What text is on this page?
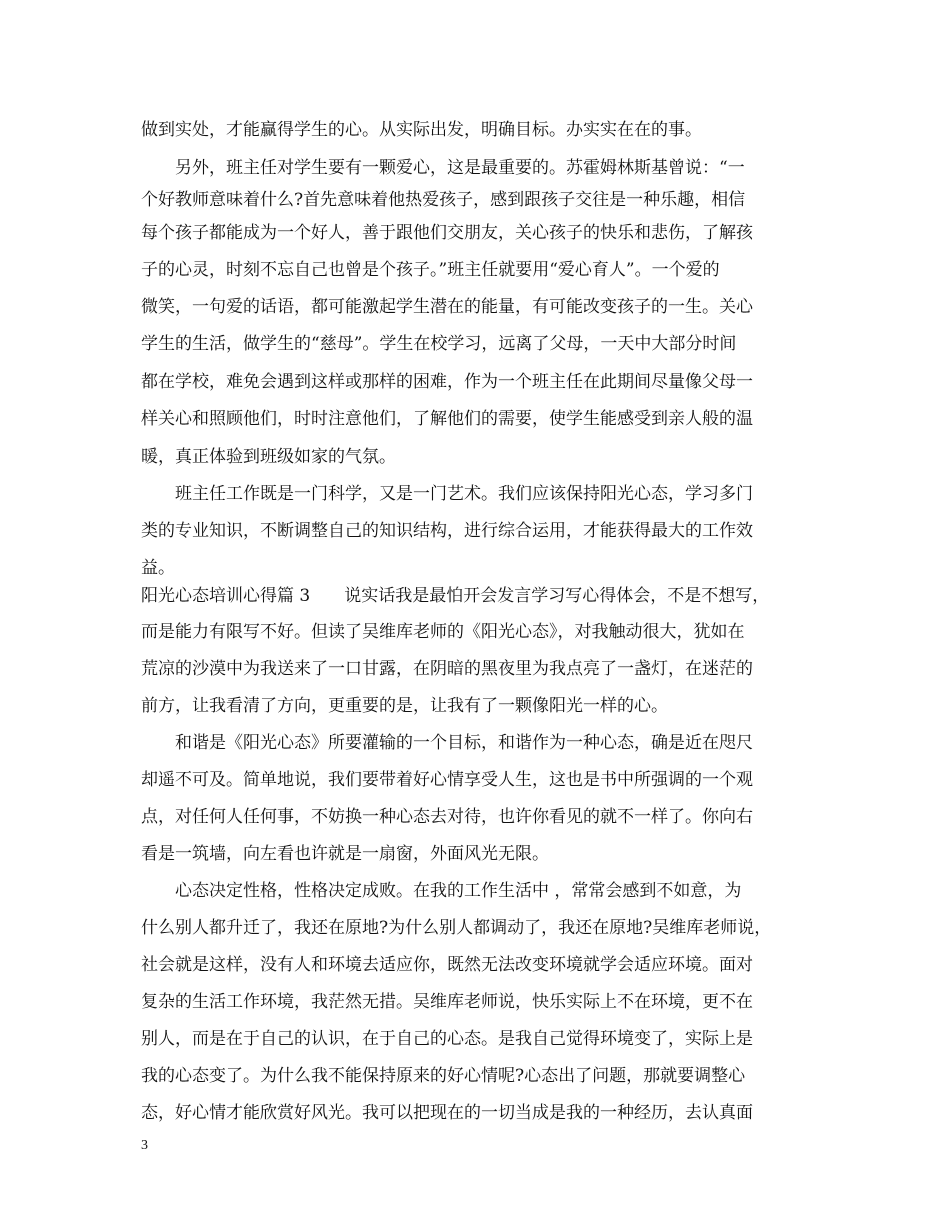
做到实处，才能赢得学生的心。从实际出发，明确目标。办实实在在的事。
　　另外，班主任对学生要有一颗爱心，这是最重要的。苏霍姆林斯基曾说：“一
个好教师意味着什么?首先意味着他热爱孩子，感到跟孩子交往是一种乐趣，相信
每个孩子都能成为一个好人，善于跟他们交朋友，关心孩子的快乐和悲伤，了解孩
子的心灵，时刻不忘自己也曾是个孩子。”班主任就要用“爱心育人”。一个爱的
微笑，一句爱的话语，都可能激起学生潜在的能量，有可能改变孩子的一生。关心
学生的生活，做学生的“慈母”。学生在校学习，远离了父母，一天中大部分时间
都在学校，难免会遇到这样或那样的困难，作为一个班主任在此期间尽量像父母一
样关心和照顾他们，时时注意他们，了解他们的需要，使学生能感受到亲人般的温
暖，真正体验到班级如家的气氛。
　　班主任工作既是一门科学，又是一门艺术。我们应该保持阳光心态，学习多门
类的专业知识，不断调整自己的知识结构，进行综合运用，才能获得最大的工作效
益。
阳光心态培训心得篇 3　　说实话我是最怕开会发言学习写心得体会，不是不想写，
而是能力有限写不好。但读了吴维库老师的《阳光心态》，对我触动很大，犹如在
荒凉的沙漠中为我送来了一口甘露，在阴暗的黑夜里为我点亮了一盏灯，在迷茫的
前方，让我看清了方向，更重要的是，让我有了一颗像阳光一样的心。
　　和谐是《阳光心态》所要灌输的一个目标，和谐作为一种心态，确是近在咫尺
却遥不可及。简单地说，我们要带着好心情享受人生，这也是书中所强调的一个观
点，对任何人任何事，不妨换一种心态去对待，也许你看见的就不一样了。你向右
看是一筑墙，向左看也许就是一扇窗，外面风光无限。
　　心态决定性格，性格决定成败。在我的工作生活中 ，常常会感到不如意，为
什么别人都升迁了，我还在原地?为什么别人都调动了，我还在原地?吴维库老师说，
社会就是这样，没有人和环境去适应你，既然无法改变环境就学会适应环境。面对
复杂的生活工作环境，我茫然无措。吴维库老师说，快乐实际上不在环境，更不在
别人，而是在于自己的认识，在于自己的心态。是我自己觉得环境变了，实际上是
我的心态变了。为什么我不能保持原来的好心情呢?心态出了问题，那就要调整心
态，好心情才能欣赏好风光。我可以把现在的一切当成是我的一种经历，去认真面
3
